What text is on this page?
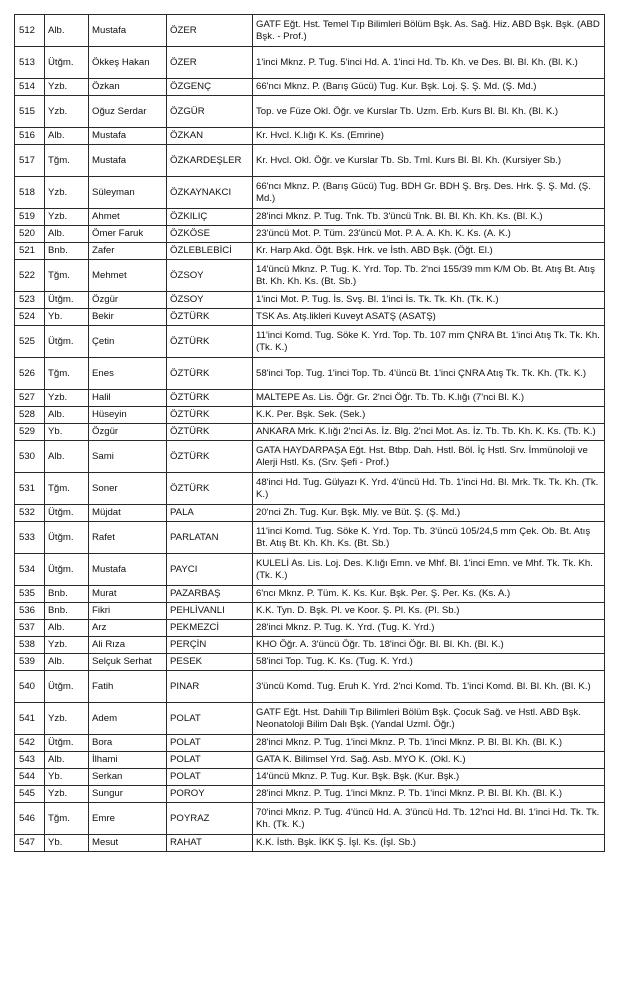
512	Alb.	Mustafa	ÖZER	GATF Eğt. Hst. Temel Tıp Bilimleri Bölüm Bşk. As. Sağ. Hiz. ABD Bşk. Bşk. (ABD Bşk. - Prof.)
513	Ütğm.	Ökkeş Hakan	ÖZER	1'inci Mknz. P. Tug. 5'inci Hd. A. 1'inci Hd. Tb. Kh. ve Des. Bl. Bl. Kh. (Bl. K.)
514	Yzb.	Özkan	ÖZGENÇ	66'ncı Mknz. P. (Barış Gücü) Tug. Kur. Bşk. Loj. Ş. Ş. Md. (Ş. Md.)
515	Yzb.	Oğuz Serdar	ÖZGÜR	Top. ve Füze Okl. Öğr. ve Kurslar Tb. Uzm. Erb. Kurs Bl. Bl. Kh. (Bl. K.)
516	Alb.	Mustafa	ÖZKAN	Kr. Hvcl. K.lığı K. Ks. (Emrine)
517	Tğm.	Mustafa	ÖZKARDEŞLER	Kr. Hvcl. Okl. Öğr. ve Kurslar Tb. Sb. Tml. Kurs Bl. Bl. Kh. (Kursiyer Sb.)
518	Yzb.	Süleyman	ÖZKAYNAKCI	66'ncı Mknz. P. (Barış Gücü) Tug. BDH Gr. BDH Ş. Brş. Des. Hrk. Ş. Ş. Md. (Ş. Md.)
519	Yzb.	Ahmet	ÖZKILIÇ	28'inci Mknz. P. Tug. Tnk. Tb. 3'üncü Tnk. Bl. Bl. Kh. Kh. Ks. (Bl. K.)
520	Alb.	Ömer Faruk	ÖZKÖSE	23'üncü Mot. P. Tüm. 23'üncü Mot. P. A. A. Kh. K. Ks. (A. K.)
521	Bnb.	Zafer	ÖZLEBLEBİCİ	Kr. Harp Akd. Öğt. Bşk. Hrk. ve İsth. ABD Bşk. (Öğt. El.)
522	Tğm.	Mehmet	ÖZSOY	14'üncü Mknz. P. Tug. K. Yrd. Top. Tb. 2'nci 155/39 mm K/M Ob. Bt. Atış Bt. Atış Bt. Kh. Kh. Ks. (Bt. Sb.)
523	Ütğm.	Özgür	ÖZSOY	1'inci Mot. P. Tug. İs. Svş. Bl. 1'inci İs. Tk. Tk. Kh. (Tk. K.)
524	Yb.	Bekir	ÖZTÜRK	TSK As. Atş.likleri Kuveyt ASATŞ (ASATŞ)
525	Ütğm.	Çetin	ÖZTÜRK	11'inci Komd. Tug. Söke K. Yrd. Top. Tb. 107 mm ÇNRA Bt. 1'inci Atış Tk. Tk. Kh. (Tk. K.)
526	Tğm.	Enes	ÖZTÜRK	58'inci Top. Tug. 1'inci Top. Tb. 4'üncü Bt. 1'inci ÇNRA Atış Tk. Tk. Kh. (Tk. K.)
527	Yzb.	Halil	ÖZTÜRK	MALTEPE As. Lis. Öğr. Gr. 2'nci Öğr. Tb. Tb. K.lığı (7'nci Bl. K.)
528	Alb.	Hüseyin	ÖZTÜRK	K.K. Per. Bşk. Sek. (Sek.)
529	Yb.	Özgür	ÖZTÜRK	ANKARA Mrk. K.lığı 2'nci As. İz. Blg. 2'nci Mot. As. İz. Tb. Tb. Kh. K. Ks. (Tb. K.)
530	Alb.	Sami	ÖZTÜRK	GATA HAYDARPAŞA Eğt. Hst. Btbp. Dah. Hstl. Böl. İç Hstl. Srv. İmmünoloji ve Alerji Hstl. Ks. (Srv. Şefi - Prof.)
531	Tğm.	Soner	ÖZTÜRK	48'inci Hd. Tug. Gülyazı K. Yrd. 4'üncü Hd. Tb. 1'inci Hd. Bl. Mrk. Tk. Tk. Kh. (Tk. K.)
532	Ütğm.	Müjdat	PALA	20'nci Zh. Tug. Kur. Bşk. Mly. ve Büt. Ş. (Ş. Md.)
533	Ütğm.	Rafet	PARLATAN	11'inci Komd. Tug. Söke K. Yrd. Top. Tb. 3'üncü 105/24,5 mm Çek. Ob. Bt. Atış Bt. Atış Bt. Kh. Kh. Ks. (Bt. Sb.)
534	Ütğm.	Mustafa	PAYCI	KULELİ As. Lis. Loj. Des. K.lığı Emn. ve Mhf. Bl. 1'inci Emn. ve Mhf. Tk. Tk. Kh. (Tk. K.)
535	Bnb.	Murat	PAZARBAŞ	6'ncı Mknz. P. Tüm. K. Ks. Kur. Bşk. Per. Ş. Per. Ks. (Ks. A.)
536	Bnb.	Fikri	PEHLİVANLI	K.K. Tyn. D. Bşk. Pl. ve Koor. Ş. Pl. Ks. (Pl. Sb.)
537	Alb.	Arz	PEKMEZCİ	28'inci Mknz. P. Tug. K. Yrd. (Tug. K. Yrd.)
538	Yzb.	Ali Rıza	PERÇİN	KHO Öğr. A. 3'üncü Öğr. Tb. 18'inci Öğr. Bl. Bl. Kh. (Bl. K.)
539	Alb.	Selçuk Serhat	PESEK	58'inci Top. Tug. K. Ks. (Tug. K. Yrd.)
540	Ütğm.	Fatih	PINAR	3'üncü Komd. Tug. Eruh K. Yrd. 2'nci Komd. Tb. 1'inci Komd. Bl. Bl. Kh. (Bl. K.)
541	Yzb.	Adem	POLAT	GATF Eğt. Hst. Dahili Tıp Bilimleri Bölüm Bşk. Çocuk Sağ. ve Hstl. ABD Bşk. Neonatoloji Bilim Dalı Bşk. (Yandal Uzml. Öğr.)
542	Ütğm.	Bora	POLAT	28'inci Mknz. P. Tug. 1'inci Mknz. P. Tb. 1'inci Mknz. P. Bl. Bl. Kh. (Bl. K.)
543	Alb.	İlhami	POLAT	GATA K. Bilimsel Yrd. Sağ. Asb. MYO K. (Okl. K.)
544	Yb.	Serkan	POLAT	14'üncü Mknz. P. Tug. Kur. Bşk. Bşk. (Kur. Bşk.)
545	Yzb.	Sungur	POROY	28'inci Mknz. P. Tug. 1'inci Mknz. P. Tb. 1'inci Mknz. P. Bl. Bl. Kh. (Bl. K.)
546	Tğm.	Emre	POYRAZ	70'inci Mknz. P. Tug. 4'üncü Hd. A. 3'üncü Hd. Tb. 12'nci Hd. Bl. 1'inci Hd. Tk. Tk. Kh. (Tk. K.)
547	Yb.	Mesut	RAHAT	K.K. İsth. Bşk. İKK Ş. İşl. Ks. (İşl. Sb.)
